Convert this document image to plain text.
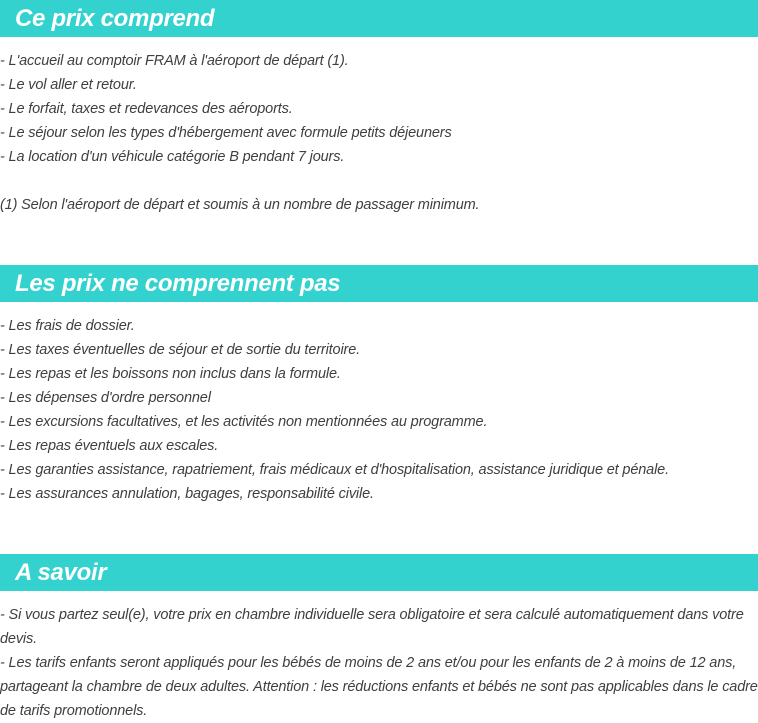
Ce prix comprend
- L'accueil au comptoir FRAM à l'aéroport de départ (1).
- Le vol aller et retour.
- Le forfait, taxes et redevances des aéroports.
- Le séjour selon les types d'hébergement avec formule petits déjeuners
- La location d'un véhicule catégorie B pendant 7 jours.
(1) Selon l'aéroport de départ et soumis à un nombre de passager minimum.
Les prix ne comprennent pas
- Les frais de dossier.
- Les taxes éventuelles de séjour et de sortie du territoire.
- Les repas et les boissons non inclus dans la formule.
- Les dépenses d'ordre personnel
- Les excursions facultatives, et les activités non mentionnées au programme.
- Les repas éventuels aux escales.
- Les garanties assistance, rapatriement, frais médicaux et d'hospitalisation, assistance juridique et pénale.
- Les assurances annulation, bagages, responsabilité civile.
A savoir
- Si vous partez seul(e), votre prix en chambre individuelle sera obligatoire et sera calculé automatiquement dans votre devis.
- Les tarifs enfants seront appliqués pour les bébés de moins de 2 ans et/ou pour les enfants de 2 à moins de 12 ans, partageant la chambre de deux adultes. Attention : les réductions enfants et bébés ne sont pas applicables dans le cadre de tarifs promotionnels.
